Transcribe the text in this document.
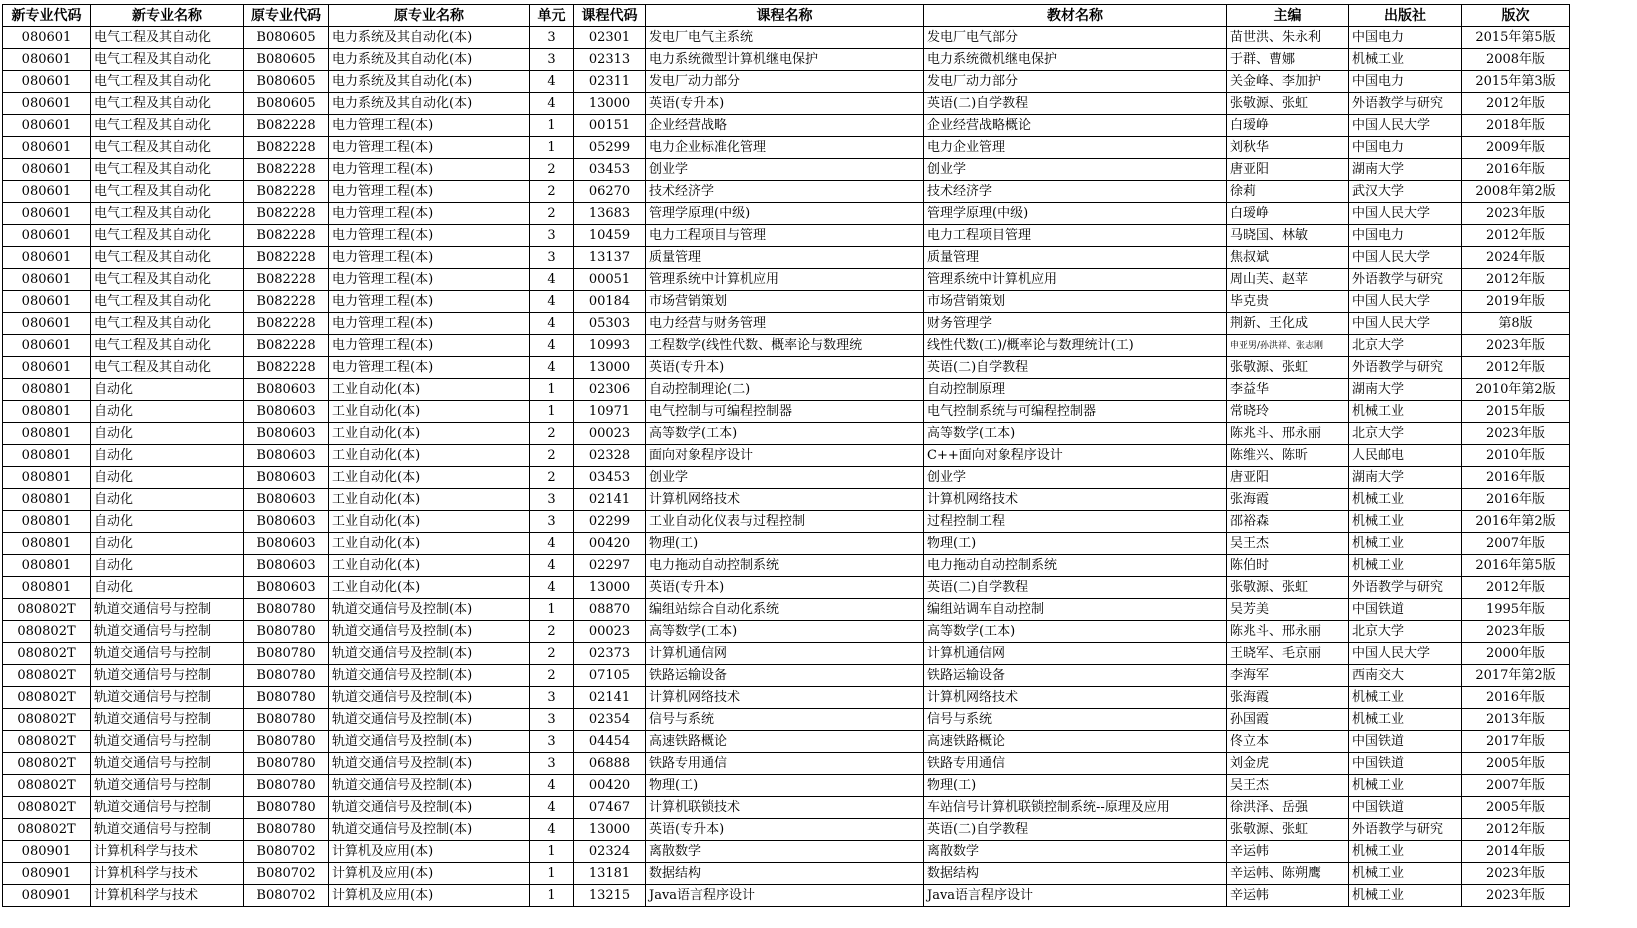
新专业代码	新专业名称	原专业代码	原专业名称	单元	课程代码	课程名称	教材名称	主编	出版社	版次
080601	电气工程及其自动化	B080605	电力系统及其自动化(本)	3	02301	发电厂电气主系统	发电厂电气部分	苗世洪、朱永利	中国电力	2015年第5版
080601	电气工程及其自动化	B080605	电力系统及其自动化(本)	3	02313	电力系统微型计算机继电保护	电力系统微机继电保护	于群、曹娜	机械工业	2008年版
080601	电气工程及其自动化	B080605	电力系统及其自动化(本)	4	02311	发电厂动力部分	发电厂动力部分	关金峰、李加护	中国电力	2015年第3版
080601	电气工程及其自动化	B080605	电力系统及其自动化(本)	4	13000	英语(专升本)	英语(二)自学教程	张敬源、张虹	外语教学与研究	2012年版
080601	电气工程及其自动化	B082228	电力管理工程(本)	1	00151	企业经营战略	企业经营战略概论	白瑷峥	中国人民大学	2018年版
080601	电气工程及其自动化	B082228	电力管理工程(本)	1	05299	电力企业标准化管理	电力企业管理	刘秋华	中国电力	2009年版
080601	电气工程及其自动化	B082228	电力管理工程(本)	2	03453	创业学	创业学	唐亚阳	湖南大学	2016年版
080601	电气工程及其自动化	B082228	电力管理工程(本)	2	06270	技术经济学	技术经济学	徐莉	武汉大学	2008年第2版
080601	电气工程及其自动化	B082228	电力管理工程(本)	2	13683	管理学原理(中级)	管理学原理(中级)	白瑷峥	中国人民大学	2023年版
080601	电气工程及其自动化	B082228	电力管理工程(本)	3	10459	电力工程项目与管理	电力工程项目管理	马晓国、林敏	中国电力	2012年版
080601	电气工程及其自动化	B082228	电力管理工程(本)	3	13137	质量管理	质量管理	焦叔斌	中国人民大学	2024年版
080601	电气工程及其自动化	B082228	电力管理工程(本)	4	00051	管理系统中计算机应用	管理系统中计算机应用	周山芙、赵苹	外语教学与研究	2012年版
080601	电气工程及其自动化	B082228	电力管理工程(本)	4	00184	市场营销策划	市场营销策划	毕克贵	中国人民大学	2019年版
080601	电气工程及其自动化	B082228	电力管理工程(本)	4	05303	电力经营与财务管理	财务管理学	荆新、王化成	中国人民大学	第8版
080601	电气工程及其自动化	B082228	电力管理工程(本)	4	10993	工程数学(线性代数、概率论与数理统	线性代数(工)/概率论与数理统计(工)	申亚男/孙洪祥、张志刚	北京大学	2023年版
080601	电气工程及其自动化	B082228	电力管理工程(本)	4	13000	英语(专升本)	英语(二)自学教程	张敬源、张虹	外语教学与研究	2012年版
080801	自动化	B080603	工业自动化(本)	1	02306	自动控制理论(二)	自动控制原理	李益华	湖南大学	2010年第2版
080801	自动化	B080603	工业自动化(本)	1	10971	电气控制与可编程控制器	电气控制系统与可编程控制器	常晓玲	机械工业	2015年版
080801	自动化	B080603	工业自动化(本)	2	00023	高等数学(工本)	高等数学(工本)	陈兆斗、邢永丽	北京大学	2023年版
080801	自动化	B080603	工业自动化(本)	2	02328	面向对象程序设计	C++面向对象程序设计	陈维兴、陈昕	人民邮电	2010年版
080801	自动化	B080603	工业自动化(本)	2	03453	创业学	创业学	唐亚阳	湖南大学	2016年版
080801	自动化	B080603	工业自动化(本)	3	02141	计算机网络技术	计算机网络技术	张海霞	机械工业	2016年版
080801	自动化	B080603	工业自动化(本)	3	02299	工业自动化仪表与过程控制	过程控制工程	邵裕森	机械工业	2016年第2版
080801	自动化	B080603	工业自动化(本)	4	00420	物理(工)	物理(工)	吴王杰	机械工业	2007年版
080801	自动化	B080603	工业自动化(本)	4	02297	电力拖动自动控制系统	电力拖动自动控制系统	陈伯时	机械工业	2016年第5版
080801	自动化	B080603	工业自动化(本)	4	13000	英语(专升本)	英语(二)自学教程	张敬源、张虹	外语教学与研究	2012年版
080802T	轨道交通信号与控制	B080780	轨道交通信号及控制(本)	1	08870	编组站综合自动化系统	编组站调车自动控制	吴芳美	中国铁道	1995年版
080802T	轨道交通信号与控制	B080780	轨道交通信号及控制(本)	2	00023	高等数学(工本)	高等数学(工本)	陈兆斗、邢永丽	北京大学	2023年版
080802T	轨道交通信号与控制	B080780	轨道交通信号及控制(本)	2	02373	计算机通信网	计算机通信网	王晓军、毛京丽	中国人民大学	2000年版
080802T	轨道交通信号与控制	B080780	轨道交通信号及控制(本)	2	07105	铁路运输设备	铁路运输设备	李海军	西南交大	2017年第2版
080802T	轨道交通信号与控制	B080780	轨道交通信号及控制(本)	3	02141	计算机网络技术	计算机网络技术	张海霞	机械工业	2016年版
080802T	轨道交通信号与控制	B080780	轨道交通信号及控制(本)	3	02354	信号与系统	信号与系统	孙国霞	机械工业	2013年版
080802T	轨道交通信号与控制	B080780	轨道交通信号及控制(本)	3	04454	高速铁路概论	高速铁路概论	佟立本	中国铁道	2017年版
080802T	轨道交通信号与控制	B080780	轨道交通信号及控制(本)	3	06888	铁路专用通信	铁路专用通信	刘金虎	中国铁道	2005年版
080802T	轨道交通信号与控制	B080780	轨道交通信号及控制(本)	4	00420	物理(工)	物理(工)	吴王杰	机械工业	2007年版
080802T	轨道交通信号与控制	B080780	轨道交通信号及控制(本)	4	07467	计算机联锁技术	车站信号计算机联锁控制系统--原理及应用	徐洪泽、岳强	中国铁道	2005年版
080802T	轨道交通信号与控制	B080780	轨道交通信号及控制(本)	4	13000	英语(专升本)	英语(二)自学教程	张敬源、张虹	外语教学与研究	2012年版
080901	计算机科学与技术	B080702	计算机及应用(本)	1	02324	离散数学	离散数学	辛运帏	机械工业	2014年版
080901	计算机科学与技术	B080702	计算机及应用(本)	1	13181	数据结构	数据结构	辛运帏、陈朔鹰	机械工业	2023年版
080901	计算机科学与技术	B080702	计算机及应用(本)	1	13215	Java语言程序设计	Java语言程序设计	辛运帏	机械工业	2023年版
